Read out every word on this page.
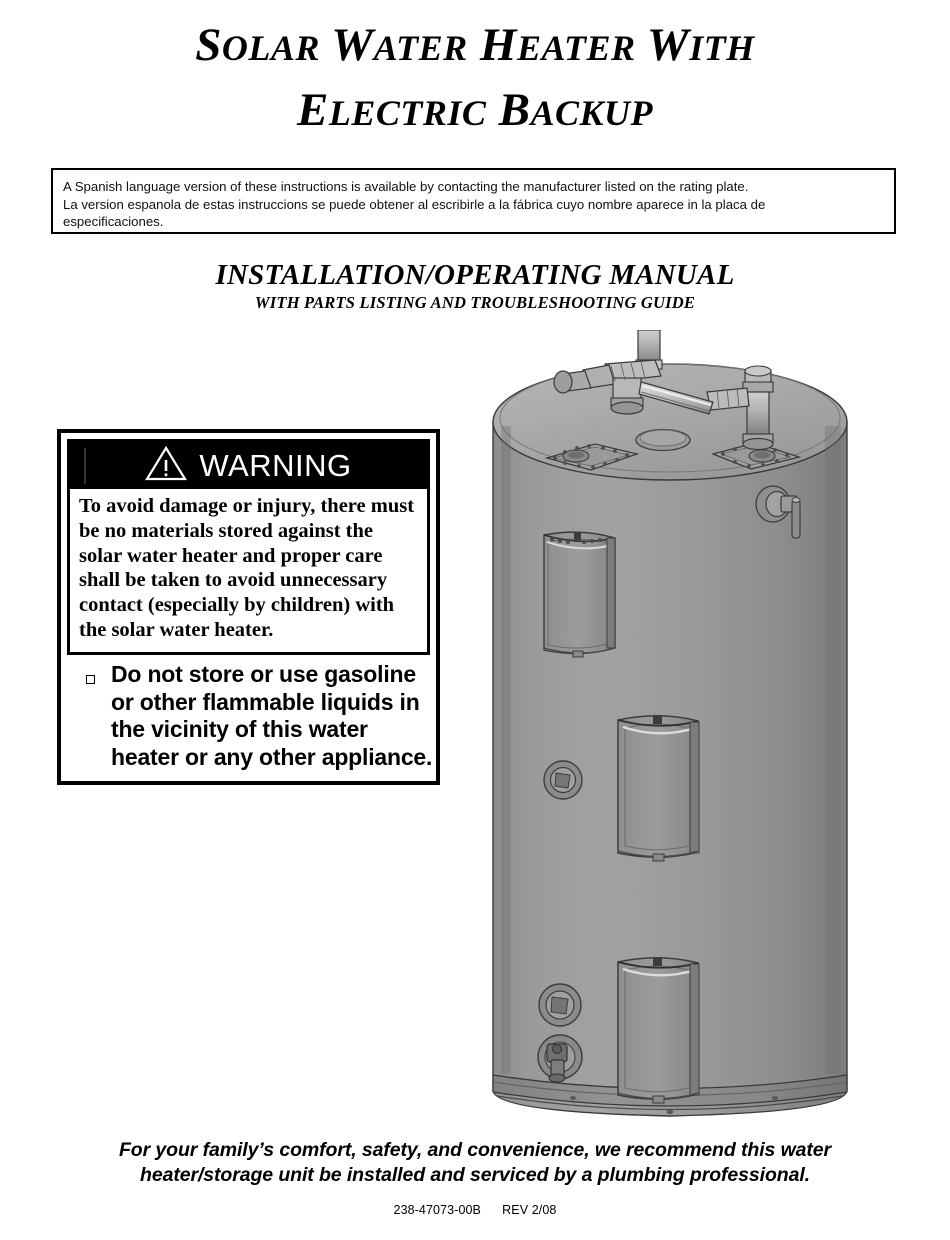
SOLAR WATER HEATER WITH
ELECTRIC BACKUP
A Spanish language version of these instructions is available by contacting the manufacturer listed on the rating plate.
La version espanola de estas instruccions se puede obtener al escribirle a la fábrica cuyo nombre aparece in la placa de
especificaciones.
INSTALLATION/OPERATING MANUAL
WITH PARTS LISTING AND TROUBLESHOOTING GUIDE
WARNING

To avoid damage or injury, there must be no materials stored against the solar water heater and proper care shall be taken to avoid unnecessary contact (especially by children) with the solar water heater.

Do not store or use gasoline or other flammable liquids in the vicinity of this water heater or any other appliance.
For your family’s comfort, safety, and convenience, we recommend this water
heater/storage unit be installed and serviced by a plumbing professional.
238-47073-00B REV 2/08
